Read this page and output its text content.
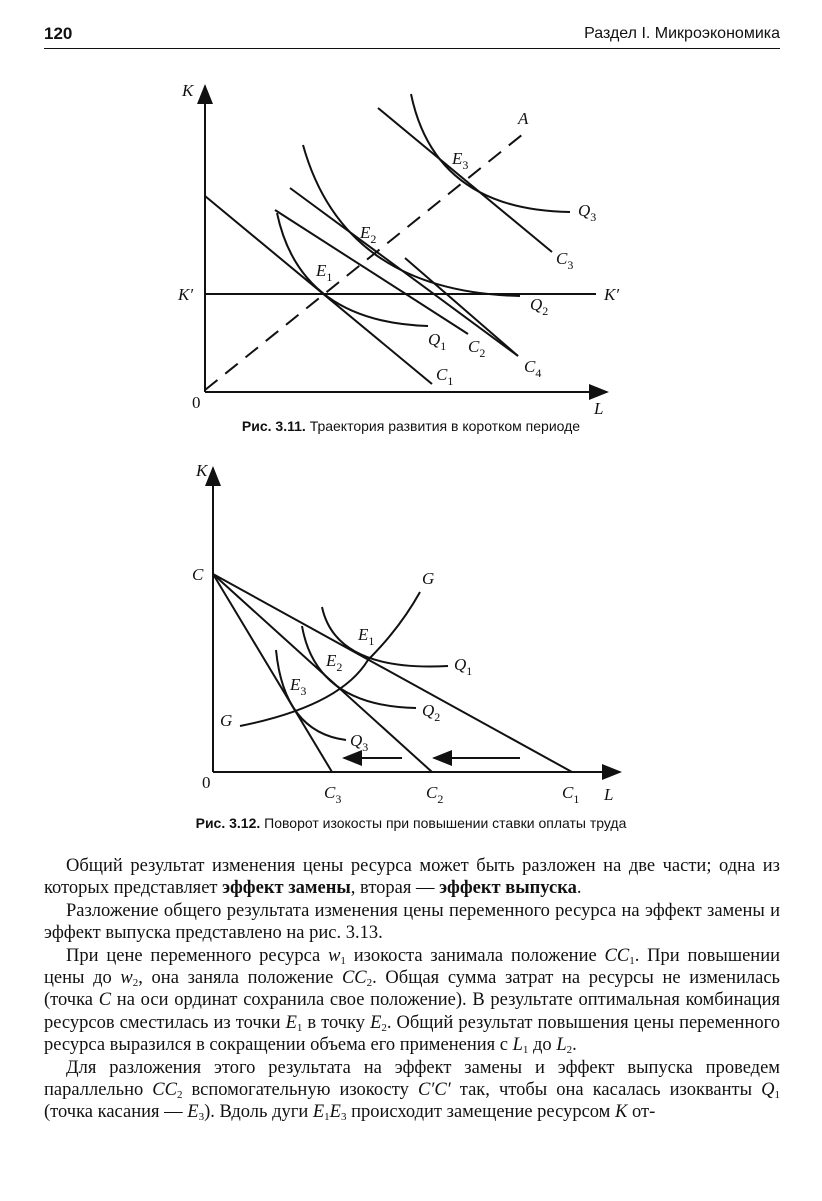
120	Раздел I. Микроэкономика
K
L
0
K′	K′
A
$E_1$
$E_2$
$E_3$
$Q_1$
$Q_2$
$Q_3$
$C_1$
$C_2$
$C_3$
$C_4$
Рис. 3.11. Траектория развития в коротком периоде
K
L
0
C	G
G
$E_1$
$E_2$
$E_3$
$Q_1$
$Q_2$
$Q_3$
$C_3$	$C_2$	$C_1$
Рис. 3.12. Поворот изокосты при повышении ставки оплаты труда

Общий результат изменения цены ресурса может быть разложен на две части; одна из которых представляет эффект замены, вторая — эффект выпуска.

Разложение общего результата изменения цены переменного ресурса на эффект замены и эффект выпуска представлено на рис. 3.13.

При цене переменного ресурса $w_1$ изокоста занимала положение $CC_1$. При повышении цены до $w_2$, она заняла положение $CC_2$. Общая сумма затрат на ресурсы не изменилась (точка C на оси ординат сохранила свое положение). В результате оптимальная комбинация ресурсов сместилась из точки $E_1$ в точку $E_2$. Общий результат повышения цены переменного ресурса выразился в сокращении объема его применения с $L_1$ до $L_2$.

Для разложения этого результата на эффект замены и эффект выпуска проведем параллельно $CC_2$ вспомогательную изокосту C′C′ так, чтобы она касалась изокванты $Q_1$ (точка касания — $E_3$). Вдоль дуги $E_1E_3$ происходит замещение ресурсом K от-
